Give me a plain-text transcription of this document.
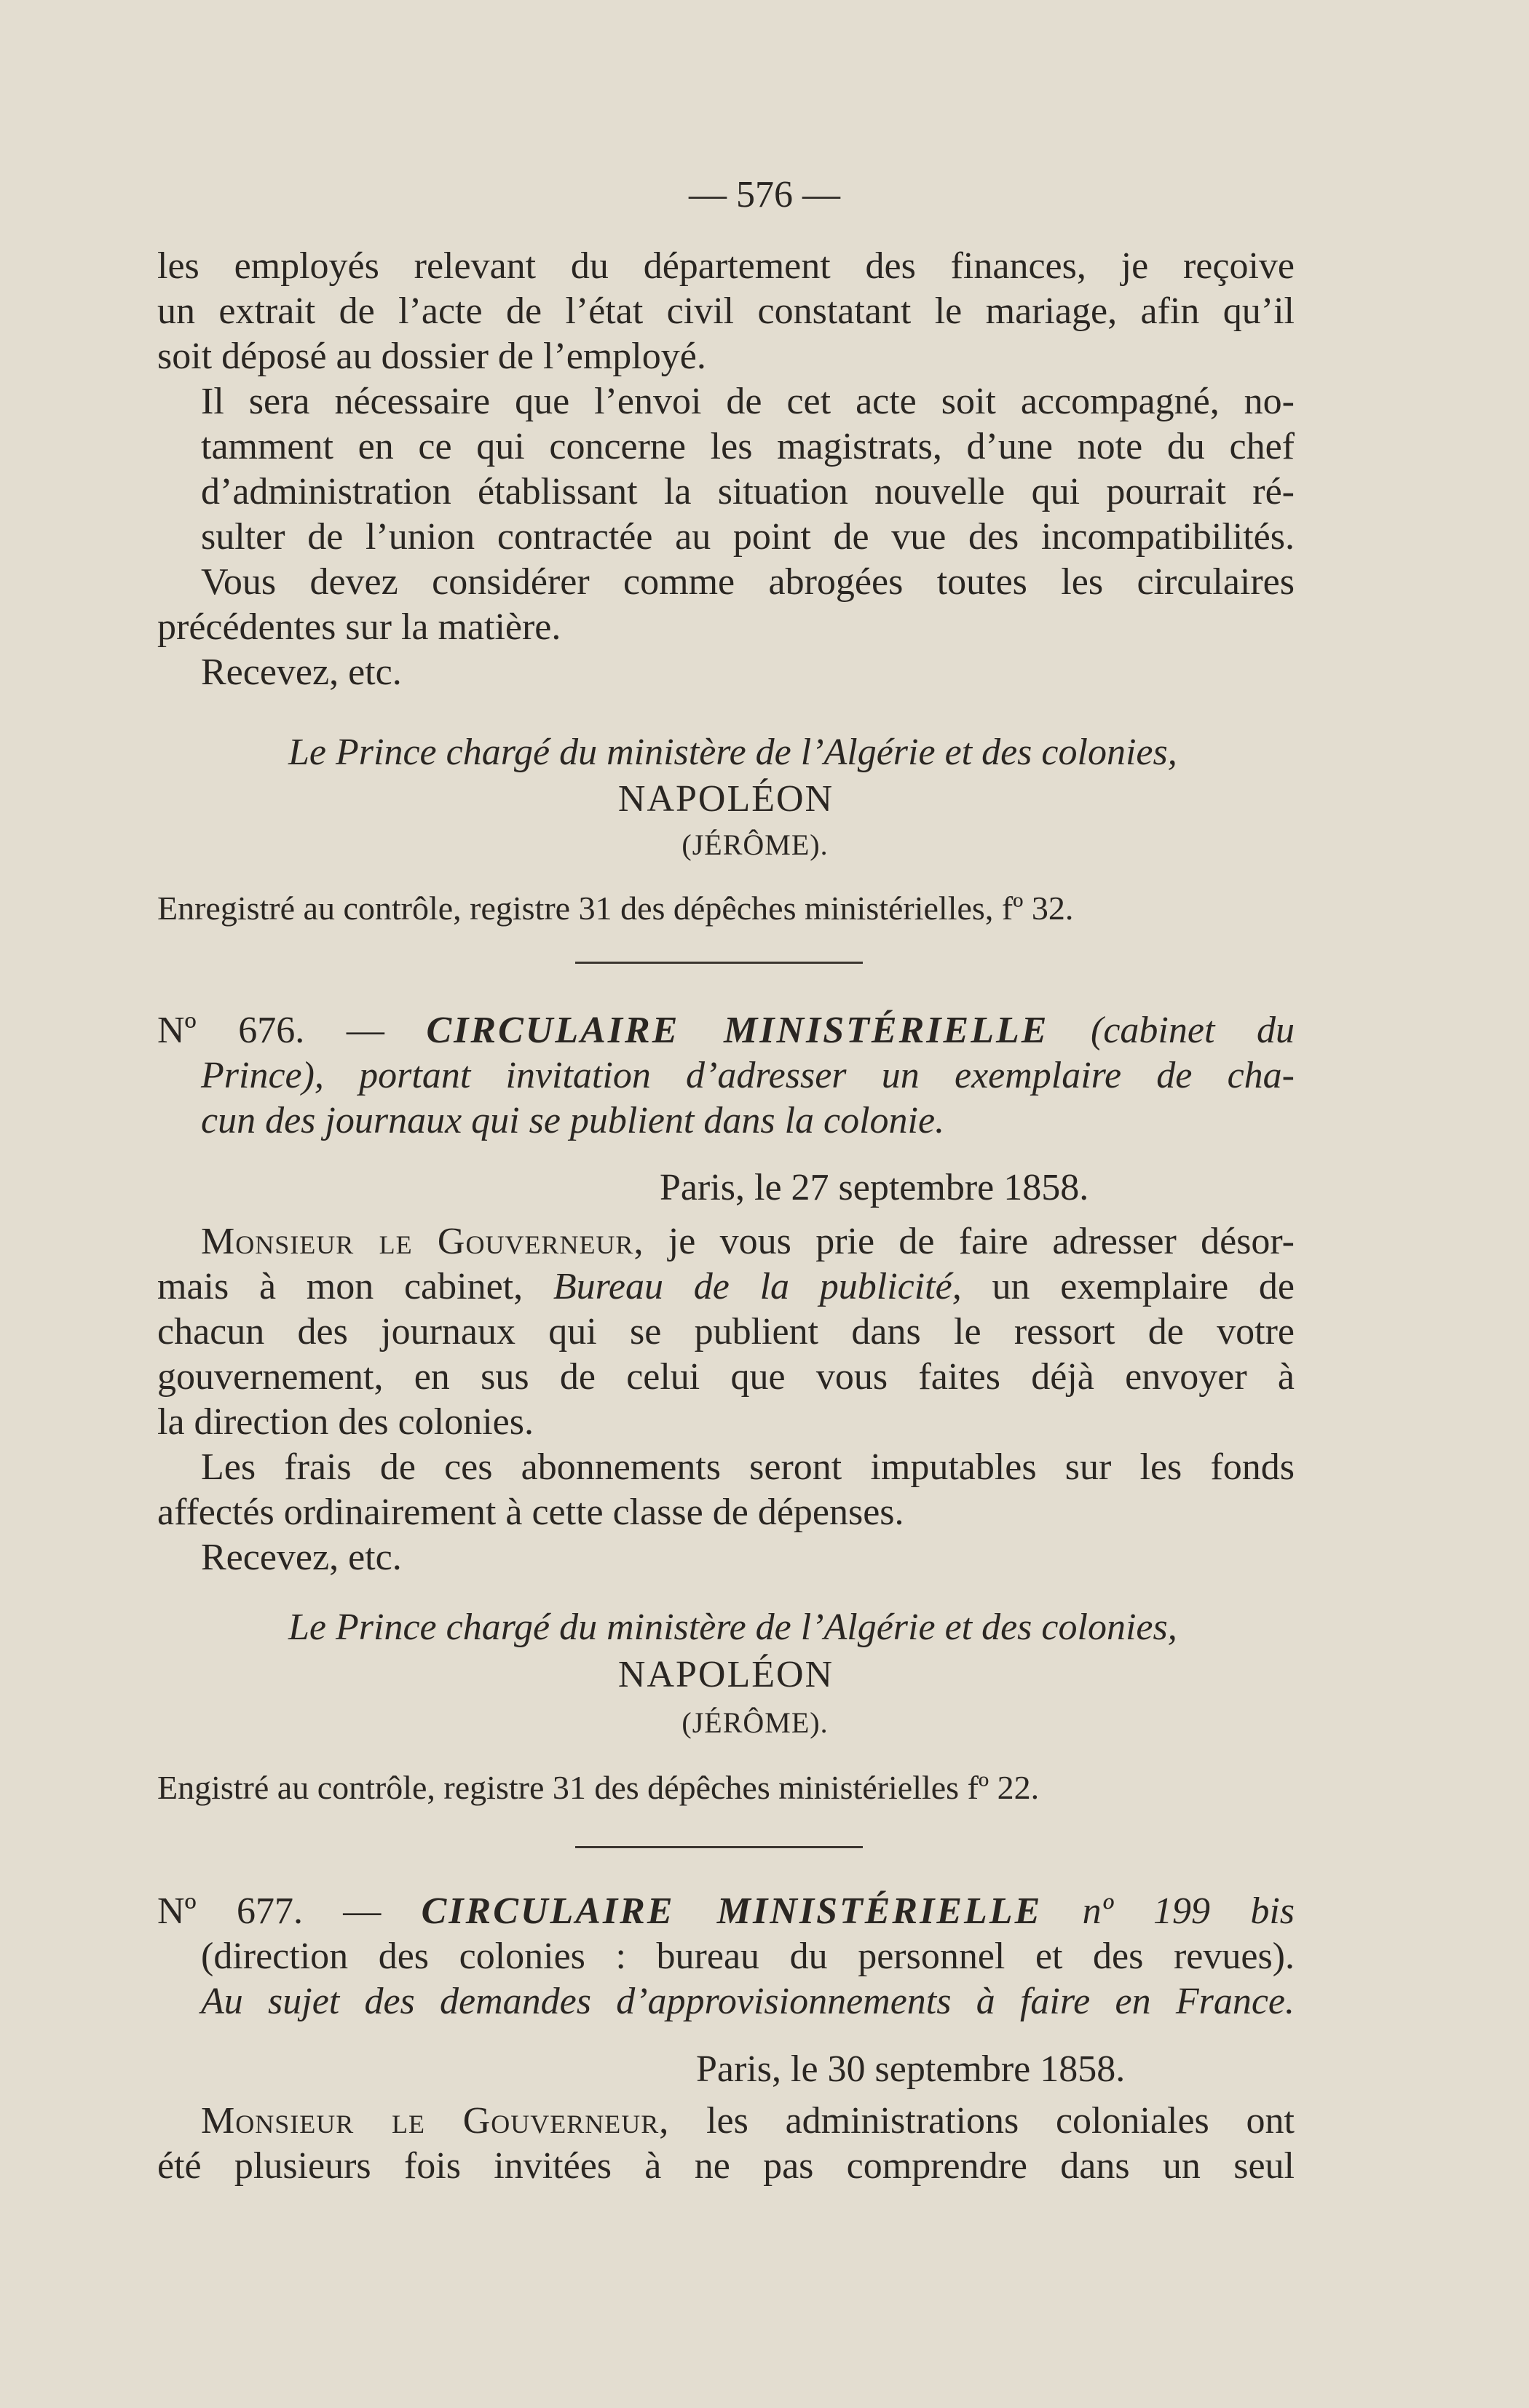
— 576 —
les employés relevant du département des finances, je reçoive
un extrait de l’acte de l’état civil constatant le mariage, afin qu’il
soit déposé au dossier de l’employé.
Il sera nécessaire que l’envoi de cet acte soit accompagné, no-
tamment en ce qui concerne les magistrats, d’une note du chef
d’administration établissant la situation nouvelle qui pourrait ré-
sulter de l’union contractée au point de vue des incompatibilités.
Vous devez considérer comme abrogées toutes les circulaires
précédentes sur la matière.
Recevez, etc.
Le Prince chargé du ministère de l’Algérie et des colonies,
NAPOLÉON
(JÉRÔME).
Enregistré au contrôle, registre 31 des dépêches ministérielles, fº 32.
Nº 676. — CIRCULAIRE MINISTÉRIELLE (cabinet du
Prince), portant invitation d’adresser un exemplaire de cha-
cun des journaux qui se publient dans la colonie.
Paris, le 27 septembre 1858.
Monsieur le Gouverneur, je vous prie de faire adresser désor-
mais à mon cabinet, Bureau de la publicité, un exemplaire de
chacun des journaux qui se publient dans le ressort de votre
gouvernement, en sus de celui que vous faites déjà envoyer à
la direction des colonies.
Les frais de ces abonnements seront imputables sur les fonds
affectés ordinairement à cette classe de dépenses.
Recevez, etc.
Le Prince chargé du ministère de l’Algérie et des colonies,
NAPOLÉON
(JÉRÔME).
Engistré au contrôle, registre 31 des dépêches ministérielles fº 22.
Nº 677. — CIRCULAIRE MINISTÉRIELLE nº 199 bis
(direction des colonies : bureau du personnel et des revues).
Au sujet des demandes d’approvisionnements à faire en France.
Paris, le 30 septembre 1858.
Monsieur le Gouverneur, les administrations coloniales ont
été plusieurs fois invitées à ne pas comprendre dans un seul
